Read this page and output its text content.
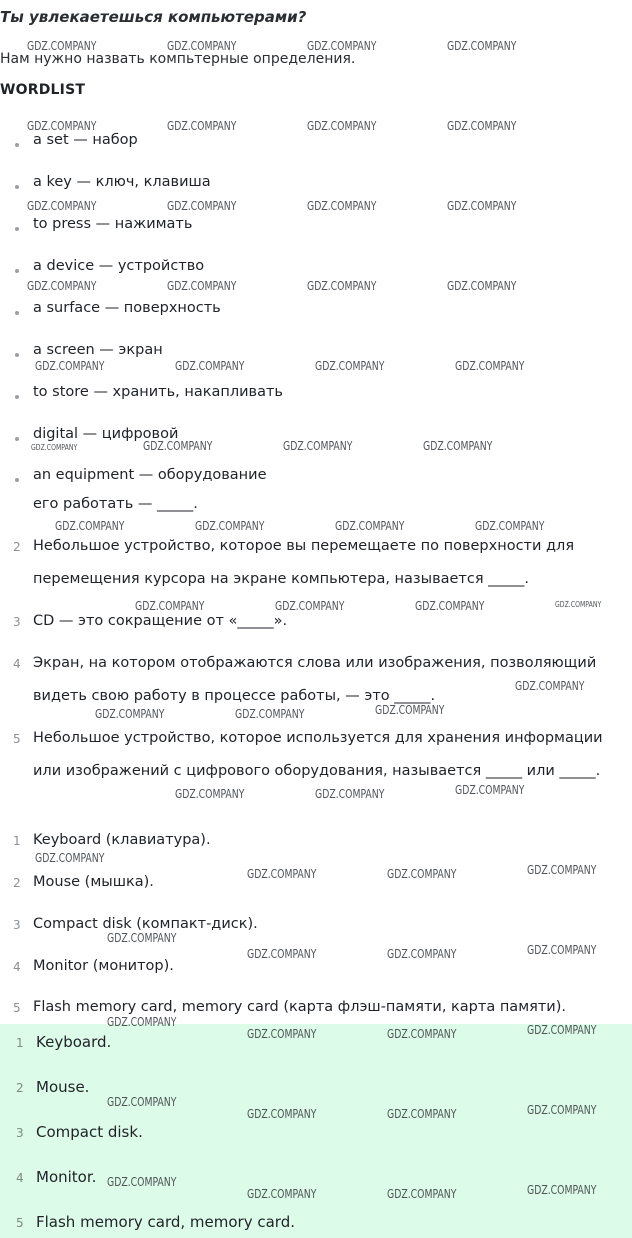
Ты увлекаетешься компьютерами?
Нам нужно назвать компьтерные определения.
WORDLIST
a set — набор
a key — ключ, клавиша
to press — нажимать
a device — устройство
a surface — поверхность
a screen — экран
to store — хранить, накапливать
digital — цифровой
an equipment — оборудование
его работать — _____.
2 Небольшое устройство, которое вы перемещаете по поверхности для
перемещения курсора на экране компьютера, называется _____.
3 CD — это сокращение от «_____».
4 Экран, на котором отображаются слова или изображения, позволяющий
видеть свою работу в процессе работы, — это _____.
5 Небольшое устройство, которое используется для хранения информации
или изображений с цифрового оборудования, называется _____ или _____.
1 Keyboard (клавиатура).
2 Mouse (мышка).
3 Compact disk (компакт-диск).
4 Monitor (монитор).
5 Flash memory card, memory card (карта флэш-памяти, карта памяти).
1 Keyboard.
2 Mouse.
3 Compact disk.
4 Monitor.
5 Flash memory card, memory card.
GDZ.COMPANY	GDZ.COMPANY	GDZ.COMPANY	GDZ.COMPANY
GDZ.COMPANY	GDZ.COMPANY	GDZ.COMPANY	GDZ.COMPANY
GDZ.COMPANY	GDZ.COMPANY	GDZ.COMPANY	GDZ.COMPANY
GDZ.COMPANY	GDZ.COMPANY	GDZ.COMPANY	GDZ.COMPANY
GDZ.COMPANY	GDZ.COMPANY	GDZ.COMPANY	GDZ.COMPANY
GDZ.COMPANY	GDZ.COMPANY	GDZ.COMPANY	GDZ.COMPANY
GDZ.COMPANY	GDZ.COMPANY	GDZ.COMPANY	GDZ.COMPANY
GDZ.COMPANY	GDZ.COMPANY	GDZ.COMPANY	GDZ.COMPANY
GDZ.COMPANY
GDZ.COMPANY	GDZ.COMPANY	GDZ.COMPANY
GDZ.COMPANY	GDZ.COMPANY	GDZ.COMPANY
GDZ.COMPANY
GDZ.COMPANY	GDZ.COMPANY	GDZ.COMPANY
GDZ.COMPANY
GDZ.COMPANY	GDZ.COMPANY	GDZ.COMPANY
GDZ.COMPANY
GDZ.COMPANY	GDZ.COMPANY	GDZ.COMPANY
GDZ.COMPANY
GDZ.COMPANY	GDZ.COMPANY	GDZ.COMPANY
GDZ.COMPANY
GDZ.COMPANY	GDZ.COMPANY	GDZ.COMPANY
